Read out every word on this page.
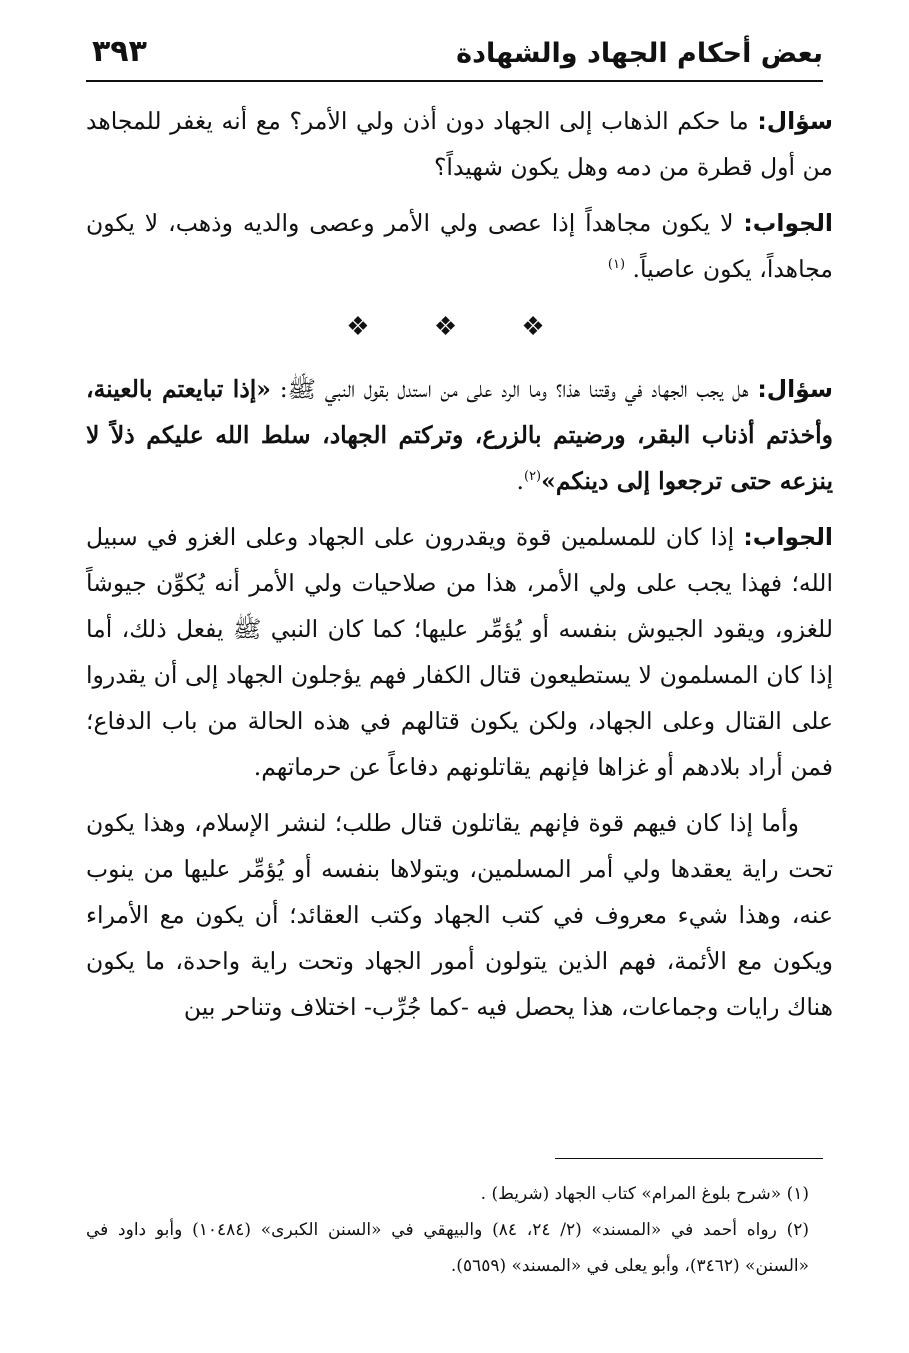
بعض أحكام الجهاد والشهادة
٣٩٣

سؤال: ما حكم الذهاب إلى الجهاد دون أذن ولي الأمر؟ مع أنه يغفر للمجاهد من أول قطرة من دمه وهل يكون شهيداً؟

الجواب: لا يكون مجاهداً إذا عصى ولي الأمر وعصى والديه وذهب، لا يكون مجاهداً، يكون عاصياً. $^{(١)}$

❖ ❖ ❖

سؤال: هل يجب الجهاد في وقتنا هذا؟ وما الرد على من استدل بقول النبي ﷺ: «إذا تبايعتم بالعينة، وأخذتم أذناب البقر، ورضيتم بالزرع، وتركتم الجهاد، سلط الله عليكم ذلاً لا ينزعه حتى ترجعوا إلى دينكم»$^{(٢)}$.

الجواب: إذا كان للمسلمين قوة ويقدرون على الجهاد وعلى الغزو في سبيل الله؛ فهذا يجب على ولي الأمر، هذا من صلاحيات ولي الأمر أنه يُكوِّن جيوشاً للغزو، ويقود الجيوش بنفسه أو يُؤمِّر عليها؛ كما كان النبي ﷺ يفعل ذلك، أما إذا كان المسلمون لا يستطيعون قتال الكفار فهم يؤجلون الجهاد إلى أن يقدروا على القتال وعلى الجهاد، ولكن يكون قتالهم في هذه الحالة من باب الدفاع؛ فمن أراد بلادهم أو غزاها فإنهم يقاتلونهم دفاعاً عن حرماتهم.

وأما إذا كان فيهم قوة فإنهم يقاتلون قتال طلب؛ لنشر الإسلام، وهذا يكون تحت راية يعقدها ولي أمر المسلمين، ويتولاها بنفسه أو يُؤمِّر عليها من ينوب عنه، وهذا شيء معروف في كتب الجهاد وكتب العقائد؛ أن يكون مع الأمراء ويكون مع الأئمة، فهم الذين يتولون أمور الجهاد وتحت راية واحدة، ما يكون هناك رايات وجماعات، هذا يحصل فيه -كما جُرِّب- اختلاف وتناحر بين

(١) «شرح بلوغ المرام» كتاب الجهاد (شريط) .

(٢) رواه أحمد في «المسند» (٢/ ٢٤، ٨٤) والبيهقي في «السنن الكبرى» (١٠٤٨٤) وأبو داود في «السنن» (٣٤٦٢)، وأبو يعلى في «المسند» (٥٦٥٩).
